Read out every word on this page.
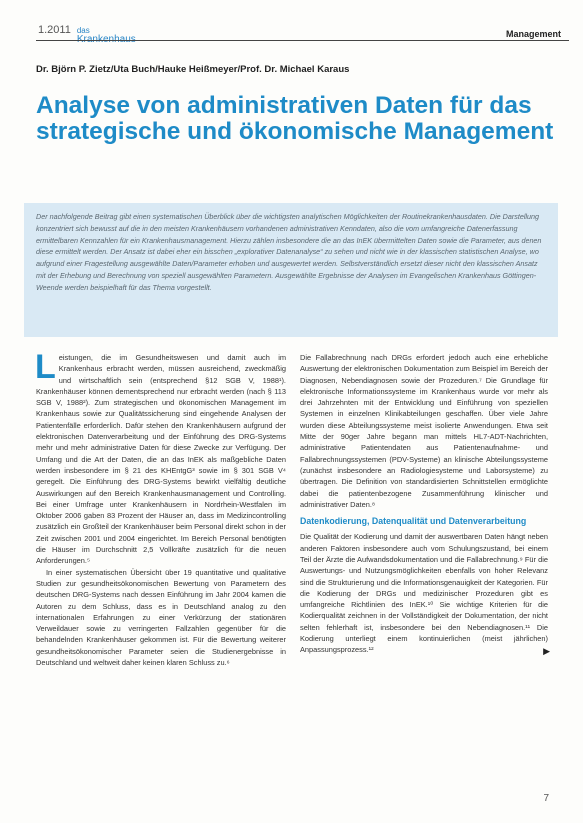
1.2011 das	Management
Dr. Björn P. Zietz/Uta Buch/Hauke Heißmeyer/Prof. Dr. Michael Karaus
Analyse von administrativen Daten für das strategische und ökonomische Management

Der nachfolgende Beitrag gibt einen systematischen Überblick über die wichtigsten analytischen Möglichkeiten der Routinekrankenhausdaten. Die Darstellung konzentriert sich bewusst auf die in den meisten Krankenhäusern vorhandenen administrativen Kenndaten, also die vom umfangreiche Datenerfassung ermittelbaren Kennzahlen für ein Krankenhausmanagement. Hierzu zählen insbesondere die an das InEK übermittelten Daten sowie die Parameter, aus denen diese ermittelt werden. Der Ansatz ist dabei eher ein bisschen „explorativer Datenanalyse“ zu sehen und nicht wie in der klassischen statistischen Analyse, wo aufgrund einer Fragestellung ausgewählte Daten/Parameter erhoben und ausgewertet werden. Selbstverständlich ersetzt dieser nicht den klassischen Ansatz mit der Erhebung und Berechnung von speziell ausgewählten Parametern. Ausgewählte Ergebnisse der Analysen im Evangelischen Krankenhaus Göttingen-Weende werden beispielhaft für das Thema vorgestellt.

Leistungen, die im Gesundheitswesen und damit auch im Krankenhaus erbracht werden, müssen ausreichend, zweckmäßig und wirtschaftlich sein (entsprechend §12 SGB V, 1988¹). Krankenhäuser können dementsprechend nur erbracht werden (nach § 113 SGB V, 1988²). Zum strategischen und ökonomischen Management im Krankenhaus sowie zur Qualitätssicherung sind eingehende Analysen der Patientenfälle erforderlich. Dafür stehen den Krankenhäusern aufgrund der elektronischen Datenverarbeitung und der Einführung des DRG-Systems mehr und mehr administrative Daten für diese Zwecke zur Verfügung. Der Umfang und die Art der Daten, die an das InEK als maßgebliche Daten werden insbesondere im § 21 des KHEntgG³ sowie im § 301 SGB V⁴ geregelt. Die Einführung des DRG-Systems bewirkt vielfältig deutliche Auswirkungen auf den Bereich Krankenhausmanagement und Controlling. Bei einer Umfrage unter Krankenhäusern in Nordrhein-Westfalen im Oktober 2006 gaben 83 Prozent der Häuser an, dass im Medizincontrolling zusätzlich ein Großteil der Krankenhäuser beim Personal direkt schon in der Zeit zwischen 2001 und 2004 eingerichtet. Im Bereich Personal benötigten die Häuser im Durchschnitt 2,5 Vollkräfte zusätzlich für die neuen Anforderungen.⁵

In einer systematischen Übersicht über 19 quantitative und qualitative Studien zur gesundheitsökonomischen Bewertung von Parametern des deutschen DRG-Systems nach dessen Einführung im Jahr 2004 kamen die Autoren zu dem Schluss, dass es in Deutschland analog zu den internationalen Erfahrungen zu einer Verkürzung der stationären Verweildauer sowie zu verringerten Fallzahlen gegenüber für die behandelnden Krankenhäuser gekommen ist. Für die Bewertung weiterer gesundheitsökonomischer Parameter seien die Studienergebnisse in Deutschland und weltweit daher keinen klaren Schluss zu.⁶

Die Fallabrechnung nach DRGs erfordert jedoch auch eine erhebliche Auswertung der elektronischen Dokumentation zum Beispiel im Bereich der Diagnosen, Nebendiagnosen sowie der Prozeduren.⁷ Die Grundlage für elektronische Informationssysteme im Krankenhaus wurde vor mehr als drei Jahrzehnten mit der Entwicklung und Einführung von speziellen Systemen in einzelnen Klinikabteilungen geschaffen. Über viele Jahre wurden diese Abteilungssysteme meist isolierte Anwendungen. Etwa seit Mitte der 90ger Jahre begann man mittels HL7-ADT-Nachrichten, administrative Patientendaten aus Patientenaufnahme- und Fallabrechnungssystemen (PDV-Systeme) an klinische Abteilungssysteme (zunächst insbesondere an Radiologiesysteme und Laborsysteme) zu übertragen. Die Definition von standardisierten Schnittstellen ermöglichte dabei die patientenbezogene Zusammenführung klinischer und administrativer Daten.⁸

Datenkodierung, Datenqualität und Datenverarbeitung

Die Qualität der Kodierung und damit der auswertbaren Daten hängt neben anderen Faktoren insbesondere auch vom Schulungszustand, bei einem Teil der Ärzte die Aufwandsdokumentation und die Fallabrechnung.⁹ Für die Auswertungs- und Nutzungsmöglichkeiten ebenfalls von hoher Relevanz sind die Strukturierung und die Informationsgenauigkeit der Kategorien. Für die Kodierung der DRGs und medizinischer Prozeduren gibt es umfangreiche Richtlinien des InEK.¹⁰ Sie wichtige Kriterien für die Kodierqualität zeichnen in der Vollständigkeit der Dokumentation, der nicht selten fehlerhaft ist, insbesondere bei den Nebendiagnosen.¹¹ Die Kodierung unterliegt einem kontinuierlichen (meist jährlichen) Anpassungsprozess.¹²	▶
7
